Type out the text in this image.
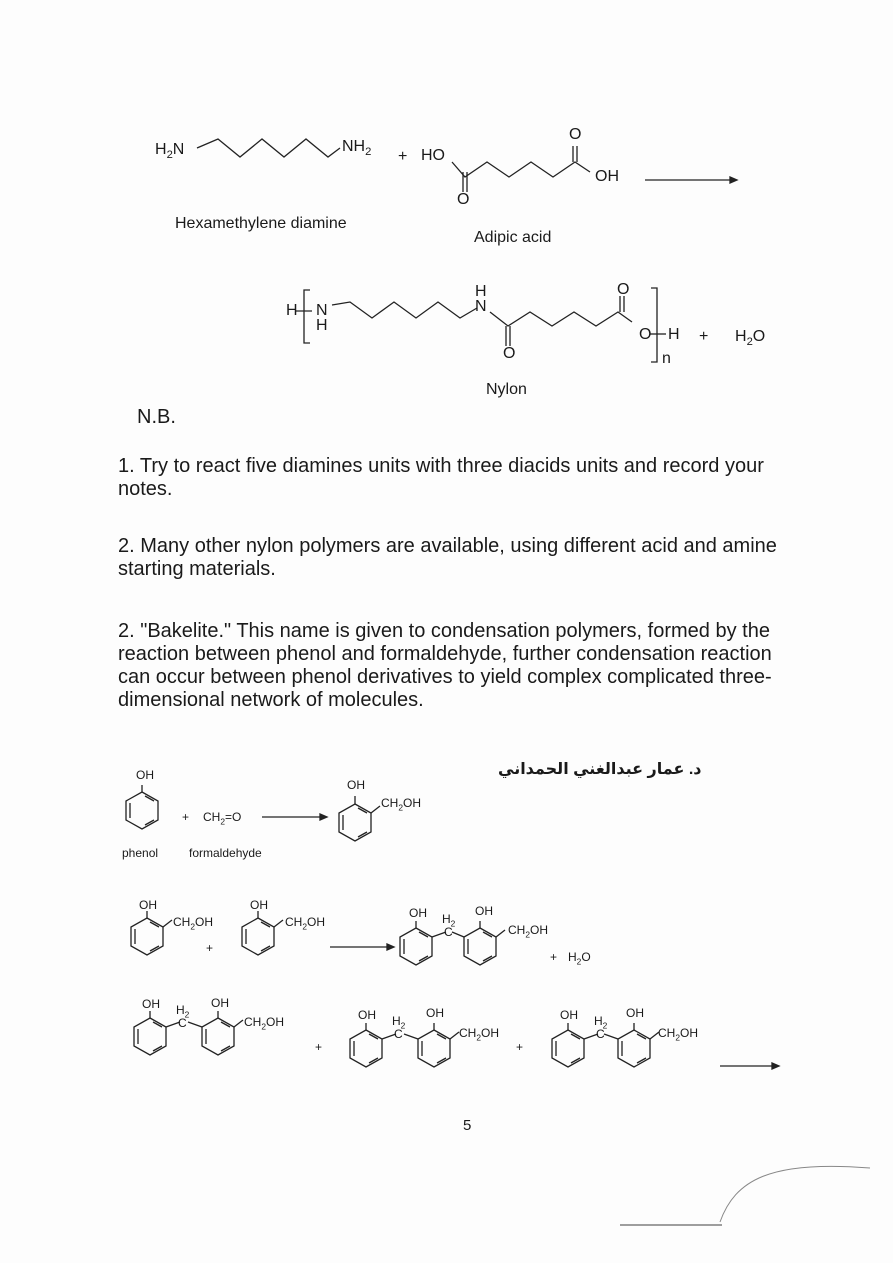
$H_2N$	$NH_2$ + HO
OH
O
O
Hexamethylene diamine
Adipic acid
H N
H
H
N
O
O
O H
n
+ $H_2O$
Nylon
N.B.

1. Try to react five diamines units with three diacids units and record your notes.

2. Many other nylon polymers are available, using different acid and amine starting materials.

2. "Bakelite." This name is given to condensation polymers, formed by the reaction between phenol and formaldehyde, further condensation reaction can occur between phenol derivatives to yield complex complicated three-dimensional network of molecules.

د. عمار عبدالغني الحمداني
OH
+ $CH_2=O$
OH
$CH_2OH$
phenol	formaldehyde
OH
$CH_2OH$
+
OH
$CH_2OH$
OH $H_2$
C
OH
$CH_2OH$
+ $H_2O$
OH $H_2$
C
OH
$CH_2OH$
+
OH $H_2$
C
OH
$CH_2OH$
+
OH $H_2$
C
OH
$CH_2OH$
5
